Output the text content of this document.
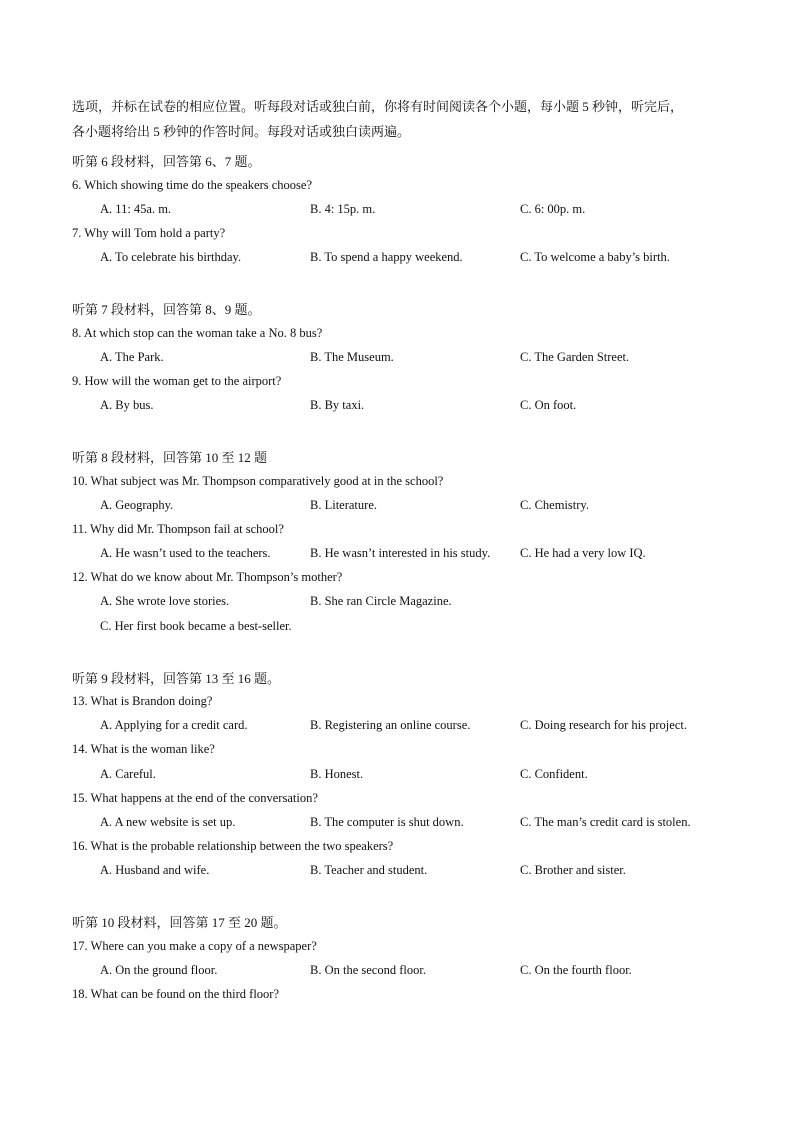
选项，并标在试卷的相应位置。听每段对话或独白前，你将有时间阅读各个小题，每小题 5 秒钟，听完后，

各小题将给出 5 秒钟的作答时间。每段对话或独白读两遍。

听第 6 段材料，回答第 6、7 题。
6. Which showing time do the speakers choose?
A. 11: 45a. m.	B. 4: 15p. m.	C. 6: 00p. m.
7. Why will Tom hold a party?
A. To celebrate his birthday.	B. To spend a happy weekend.	C. To welcome a baby’s birth.
听第 7 段材料，回答第 8、9 题。
8. At which stop can the woman take a No. 8 bus?
A. The Park.	B. The Museum.	C. The Garden Street.
9. How will the woman get to the airport?
A. By bus.	B. By taxi.	C. On foot.
听第 8 段材料，回答第 10 至 12 题
10. What subject was Mr. Thompson comparatively good at in the school?
A. Geography.	B. Literature.	C. Chemistry.
11. Why did Mr. Thompson fail at school?
A. He wasn’t used to the teachers.	B. He wasn’t interested in his study. C. He had a very low IQ.
12. What do we know about Mr. Thompson’s mother?
A. She wrote love stories.	B. She ran Circle Magazine.
C. Her first book became a best-seller.
听第 9 段材料，回答第 13 至 16 题。
13. What is Brandon doing?
A. Applying for a credit card.	B. Registering an online course.	C. Doing research for his project.
14. What is the woman like?
A. Careful.	B. Honest.	C. Confident.
15. What happens at the end of the conversation?
A. A new website is set up.	B. The computer is shut down.	C. The man’s credit card is stolen.
16. What is the probable relationship between the two speakers?
A. Husband and wife.	B. Teacher and student.	C. Brother and sister.
听第 10 段材料，回答第 17 至 20 题。
17. Where can you make a copy of a newspaper?
A. On the ground floor.	B. On the second floor.	C. On the fourth floor.
18. What can be found on the third floor?
